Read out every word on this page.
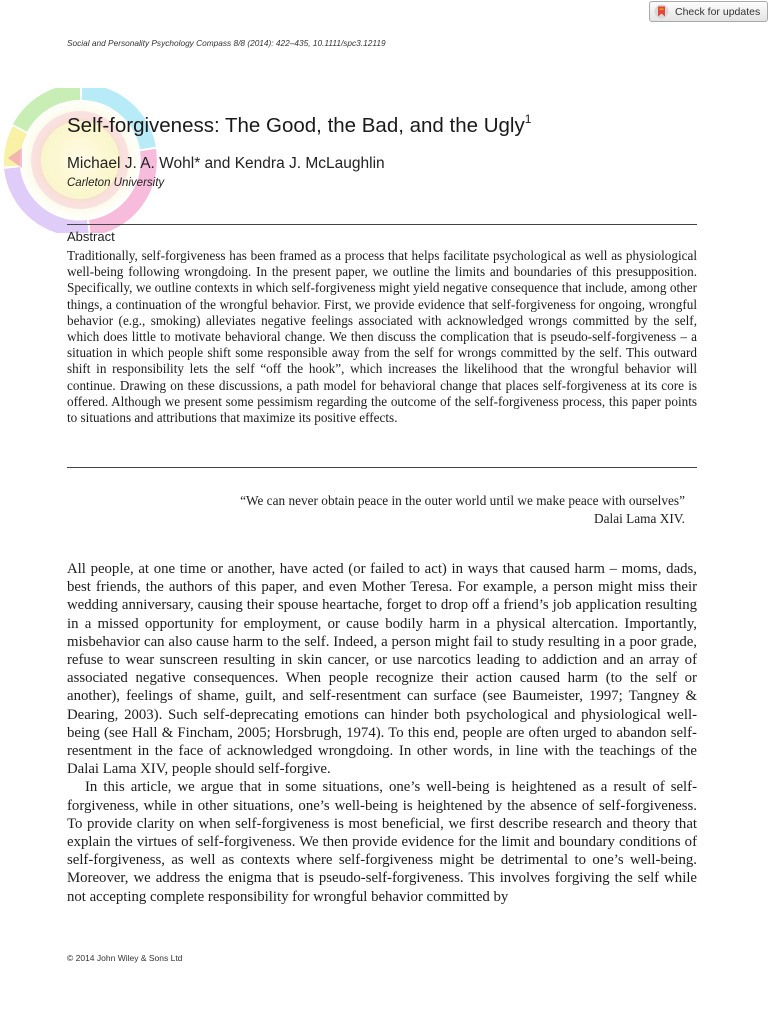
Check for updates
Social and Personality Psychology Compass 8/8 (2014): 422–435, 10.1111/spc3.12119
Self-forgiveness: The Good, the Bad, and the Ugly$^1$
Michael J. A. Wohl* and Kendra J. McLaughlin
Carleton University
Abstract

Traditionally, self-forgiveness has been framed as a process that helps facilitate psychological as well as physiological well-being following wrongdoing. In the present paper, we outline the limits and boundaries of this presupposition. Specifically, we outline contexts in which self-forgiveness might yield negative consequence that include, among other things, a continuation of the wrongful behavior. First, we provide evidence that self-forgiveness for ongoing, wrongful behavior (e.g., smoking) alleviates negative feelings associated with acknowledged wrongs committed by the self, which does little to motivate behavioral change. We then discuss the complication that is pseudo-self-forgiveness – a situation in which people shift some responsible away from the self for wrongs committed by the self. This outward shift in responsibility lets the self “off the hook”, which increases the likelihood that the wrongful behavior will continue. Drawing on these discussions, a path model for behavioral change that places self-forgiveness at its core is offered. Although we present some pessimism regarding the outcome of the self-forgiveness process, this paper points to situations and attributions that maximize its positive effects.

“We can never obtain peace in the outer world until we make peace with ourselves”
Dalai Lama XIV.

All people, at one time or another, have acted (or failed to act) in ways that caused harm – moms, dads, best friends, the authors of this paper, and even Mother Teresa. For example, a person might miss their wedding anniversary, causing their spouse heartache, forget to drop off a friend’s job application resulting in a missed opportunity for employment, or cause bodily harm in a physical altercation. Importantly, misbehavior can also cause harm to the self. Indeed, a person might fail to study resulting in a poor grade, refuse to wear sunscreen resulting in skin cancer, or use narcotics leading to addiction and an array of associated negative consequences. When people recognize their action caused harm (to the self or another), feelings of shame, guilt, and self-resentment can surface (see Baumeister, 1997; Tangney & Dearing, 2003). Such self-deprecating emotions can hinder both psychological and physiological well-being (see Hall & Fincham, 2005; Horsbrugh, 1974). To this end, people are often urged to abandon self-resentment in the face of acknowledged wrongdoing. In other words, in line with the teachings of the Dalai Lama XIV, people should self-forgive.

In this article, we argue that in some situations, one’s well-being is heightened as a result of self-forgiveness, while in other situations, one’s well-being is heightened by the absence of self-forgiveness. To provide clarity on when self-forgiveness is most beneficial, we first describe research and theory that explain the virtues of self-forgiveness. We then provide evidence for the limit and boundary conditions of self-forgiveness, as well as contexts where self-forgiveness might be detrimental to one’s well-being. Moreover, we address the enigma that is pseudo-self-forgiveness. This involves forgiving the self while not accepting complete responsibility for wrongful behavior committed by

© 2014 John Wiley & Sons Ltd
